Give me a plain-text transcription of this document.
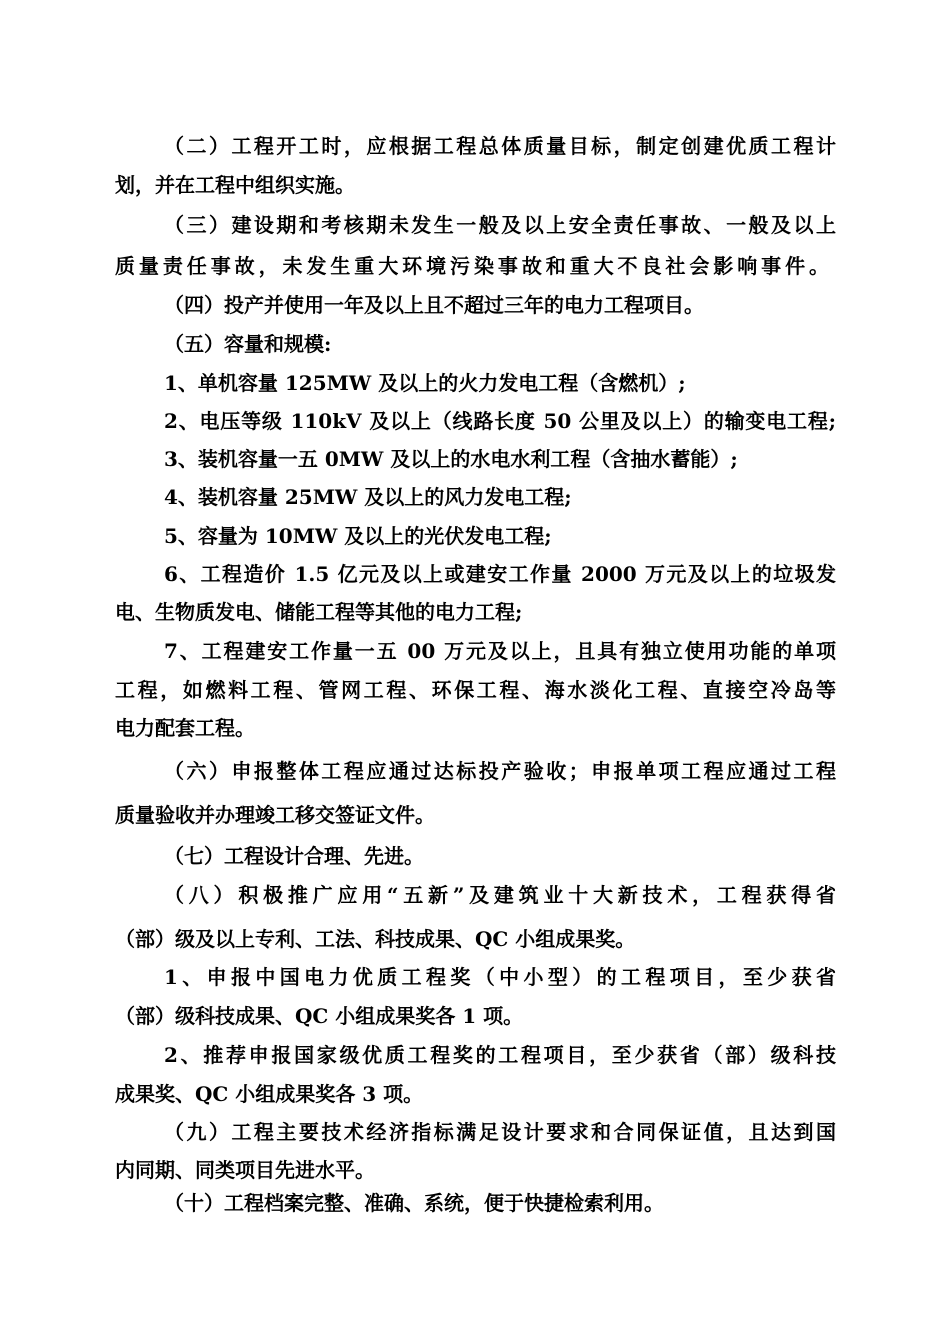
（二）工程开工时，应根据工程总体质量目标，制定创建优质工程计
划，并在工程中组织实施。
（三）建设期和考核期未发生一般及以上安全责任事故、一般及以上
质量责任事故，未发生重大环境污染事故和重大不良社会影响事件。
（四）投产并使用一年及以上且不超过三年的电力工程项目。
（五）容量和规模:
1、单机容量 125MW 及以上的火力发电工程（含燃机）;
2、电压等级 110kV 及以上（线路长度 50 公里及以上）的输变电工程;
3、装机容量一五 0MW 及以上的水电水利工程（含抽水蓄能）;
4、装机容量 25MW 及以上的风力发电工程;
5、容量为 10MW 及以上的光伏发电工程;
6、工程造价 1.5 亿元及以上或建安工作量 2000 万元及以上的垃圾发
电、生物质发电、储能工程等其他的电力工程;
7、工程建安工作量一五 00 万元及以上，且具有独立使用功能的单项
工程，如燃料工程、管网工程、环保工程、海水淡化工程、直接空冷岛等
电力配套工程。
（六）申报整体工程应通过达标投产验收；申报单项工程应通过工程
质量验收并办理竣工移交签证文件。
（七）工程设计合理、先进。
（八）积极推广应用“五新”及建筑业十大新技术，工程获得省
（部）级及以上专利、工法、科技成果、QC 小组成果奖。
1、申报中国电力优质工程奖（中小型）的工程项目，至少获省
（部）级科技成果、QC 小组成果奖各 1 项。
2、推荐申报国家级优质工程奖的工程项目，至少获省（部）级科技
成果奖、QC 小组成果奖各 3 项。
（九）工程主要技术经济指标满足设计要求和合同保证值，且达到国
内同期、同类项目先进水平。
（十）工程档案完整、准确、系统，便于快捷检索利用。
